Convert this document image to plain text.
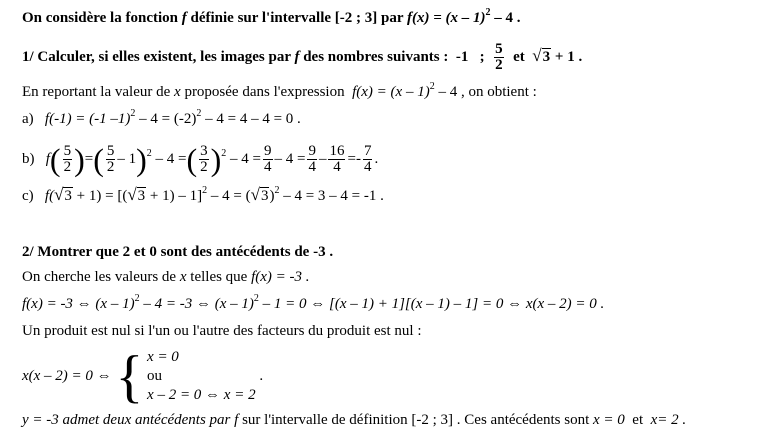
On considère la fonction f définie sur l'intervalle [-2 ; 3] par f(x) = (x – 1)$^2$ – 4 .
1/ Calculer, si elles existent, les images par f des nombres suivants : -1 ; $\frac{5}{2}$ et √3 + 1 .
En reportant la valeur de x proposée dans l'expression f(x) = (x – 1)$^2$ – 4 , on obtient :
a) f(-1) = (-1 $-1)^2 - 4 = (-2)^2 - 4 = 4 - 4 = 0$ .
b) $f( \frac{5}{2}$ )=( $\frac{5}{2} - 1)^2 - 4$ =( $\frac{3}{2} )^2 - 4 = \frac{9}{4} - 4 = \frac{9}{4} - \frac{16}{4} =- \frac{7}{4}$ .
c) $f(√3 + 1) = [(√3 + 1) - 1]^2 - 4 = (√3)^2 - 4 = 3 - 4 = -1$ .
2/ Montrer que 2 et 0 sont des antécédents de -3 .
On cherche les valeurs de x telles que f(x) = -3 .
f(x) = -3 ⇔ (x – 1)$^2$ – 4 = -3 ⇔ (x – 1)$^2$ – 1 = 0 ⇔ [(x – 1) + 1][(x – 1) – 1] = 0 ⇔ x(x – 2) = 0 .
Un produit est nul si l'un ou l'autre des facteurs du produit est nul :
x(x – 2) = 0 ⇔ { x = 0
ou
x – 2 = 0 ⇔ x = 2
.
y = -3 admet deux antécédents par f sur l'intervalle de définition [-2 ; 3] . Ces antécédents sont x = 0 et x= 2 .
